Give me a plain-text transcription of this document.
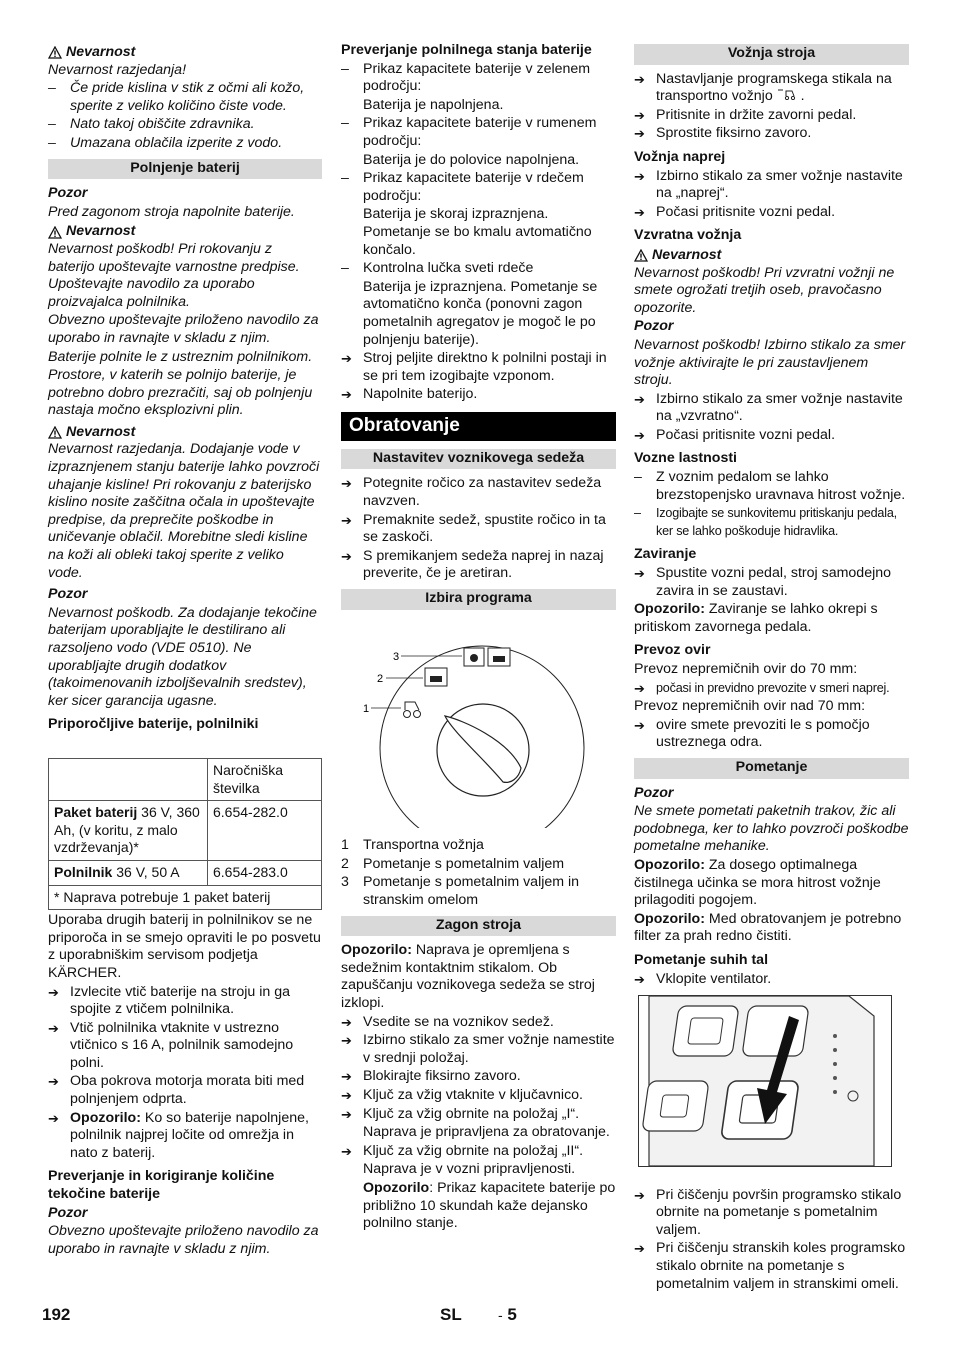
Nevarnost

Nevarnost razjedanja!

– Če pride kislina v stik z očmi ali kožo, sperite z veliko količino čiste vode.
– Nato takoj obiščite zdravnika.
– Umazana oblačila izperite z vodo.
Polnjenje baterij

Pozor

Pred zagonom stroja napolnite baterije.

Nevarnost

Nevarnost poškodb! Pri rokovanju z baterijo upoštevajte varnostne predpise. Upoštevajte navodilo za uporabo proizvajalca polnilnika.

Obvezno upoštevajte priloženo navodilo za uporabo in ravnajte v skladu z njim.

Baterije polnite le z ustreznim polnilnikom.

Prostore, v katerih se polnijo baterije, je potrebno dobro prezračiti, saj ob polnjenju nastaja močno eksplozivni plin.

Nevarnost

Nevarnost razjedanja. Dodajanje vode v izpraznjenem stanju baterije lahko povzroči uhajanje kisline! Pri rokovanju z baterijsko kislino nosite zaščitna očala in upoštevajte predpise, da preprečite poškodbe in uničevanje oblačil. Morebitne sledi kisline na koži ali obleki takoj sperite z veliko vode.

Pozor

Nevarnost poškodb. Za dodajanje tekočine baterijam uporabljajte le destilirano ali razsoljeno vodo (VDE 0510). Ne uporabljajte drugih dodatkov (takoimenovanih izboljševalnih sredstev), ker sicer garancija ugasne.

Priporočljive baterije, polnilniki

	Naročniška številka
Paket baterij 36 V, 360 Ah, (v koritu, z malo vzdrževanja)*	6.654-282.0
Polnilnik 36 V, 50 A	6.654-283.0
* Naprava potrebuje 1 paket baterij	

Uporaba drugih baterij in polnilnikov se ne priporoča in se smejo opraviti le po posvetu z uporabniškim servisom podjetja KÄRCHER.

➔ Izvlecite vtič baterije na stroju in ga spojite z vtičem polnilnika.
➔ Vtič polnilnika vtaknite v ustrezno vtičnico s 16 A, polnilnik samodejno polni.
➔ Oba pokrova motorja morata biti med polnjenjem odprta.
➔ Opozorilo: Ko so baterije napolnjene, polnilnik najprej ločite od omrežja in nato z baterij.

Preverjanje in korigiranje količine tekočine baterije

Pozor

Obvezno upoštevajte priloženo navodilo za uporabo in ravnajte v skladu z njim.

Preverjanje polnilnega stanja baterije

– Prikaz kapacitete baterije v zelenem področju:

Baterija je napolnjena.

– Prikaz kapacitete baterije v rumenem področju:

Baterija je do polovice napolnjena.

– Prikaz kapacitete baterije v rdečem področju:

Baterija je skoraj izpraznjena. Pometanje se bo kmalu avtomatično končalo.

– Kontrolna lučka sveti rdeče

Baterija je izpraznjena. Pometanje se avtomatično konča (ponovni zagon pometalnih agregatov je mogoč le po polnjenju baterije).

➔ Stroj peljite direktno k polnilni postaji in se pri tem izogibajte vzponom.
➔ Napolnite baterijo.
Obratovanje
Nastavitev voznikovega sedeža
➔ Potegnite ročico za nastavitev sedeža navzven.
➔ Premaknite sedež, spustite ročico in ta se zaskoči.
➔ S premikanjem sedeža naprej in nazaj preverite, če je aretiran.
Izbira programa
3
2
1
1 Transportna vožnja
2 Pometanje s pometalnim valjem
3 Pometanje s pometalnim valjem in stranskim omelom
Zagon stroja

Opozorilo: Naprava je opremljena s sedežnim kontaktnim stikalom. Ob zapuščanju voznikovega sedeža se stroj izklopi.

➔ Vsedite se na voznikov sedež.
➔ Izbirno stikalo za smer vožnje namestite v srednji položaj.
➔ Blokirajte fiksirno zavoro.
➔ Ključ za vžig vtaknite v ključavnico.
➔ Ključ za vžig obrnite na položaj „I“.

Naprava je pripravljena za obratovanje.

➔ Ključ za vžig obrnite na položaj „II“.

Naprava je v vozni pripravljenosti.

Opozorilo: Prikaz kapacitete baterije po približno 10 skundah kaže dejansko polnilno stanje.

Vožnja stroja
➔ Nastavljanje programskega stikala na transportno vožnjo  .
➔ Pritisnite in držite zavorni pedal.
➔ Sprostite fiksirno zavoro.

Vožnja naprej

➔ Izbirno stikalo za smer vožnje nastavite na „naprej“.
➔ Počasi pritisnite vozni pedal.

Vzvratna vožnja

Nevarnost

Nevarnost poškodb! Pri vzvratni vožnji ne smete ogrožati tretjih oseb, pravočasno opozorite.

Pozor

Nevarnost poškodb! Izbirno stikalo za smer vožnje aktivirajte le pri zaustavljenem stroju.

➔ Izbirno stikalo za smer vožnje nastavite na „vzvratno“.
➔ Počasi pritisnite vozni pedal.

Vozne lastnosti

– Z voznim pedalom se lahko brezstopenjsko uravnava hitrost vožnje.
–	Izogibajte se sunkovitemu pritiskanju pedala, ker se lahko poškoduje hidravlika.

Zaviranje

➔ Spustite vozni pedal, stroj samodejno zavira in se zaustavi.

Opozorilo: Zaviranje se lahko okrepi s pritiskom zavornega pedala.

Prevoz ovir

Prevoz nepremičnih ovir do 70 mm:

➔ počasi in previdno prevozite v smeri naprej.

Prevoz nepremičnih ovir nad 70 mm:

➔ ovire smete prevoziti le s pomočjo ustreznega odra.
Pometanje

Pozor

Ne smete pometati paketnih trakov, žic ali podobnega, ker to lahko povzroči poškodbe pometalne mehanike.

Opozorilo: Za dosego optimalnega čistilnega učinka se mora hitrost vožnje prilagoditi pogojem.

Opozorilo: Med obratovanjem je potrebno filter za prah redno čistiti.

Pometanje suhih tal

➔ Vklopite ventilator.
➔ Pri čiščenju površin programsko stikalo obrnite na pometanje s pometalnim valjem.
➔ Pri čiščenju stranskih koles programsko stikalo obrnite na pometanje s pometalnim valjem in stranskimi omeli.
192	SL	- 5
